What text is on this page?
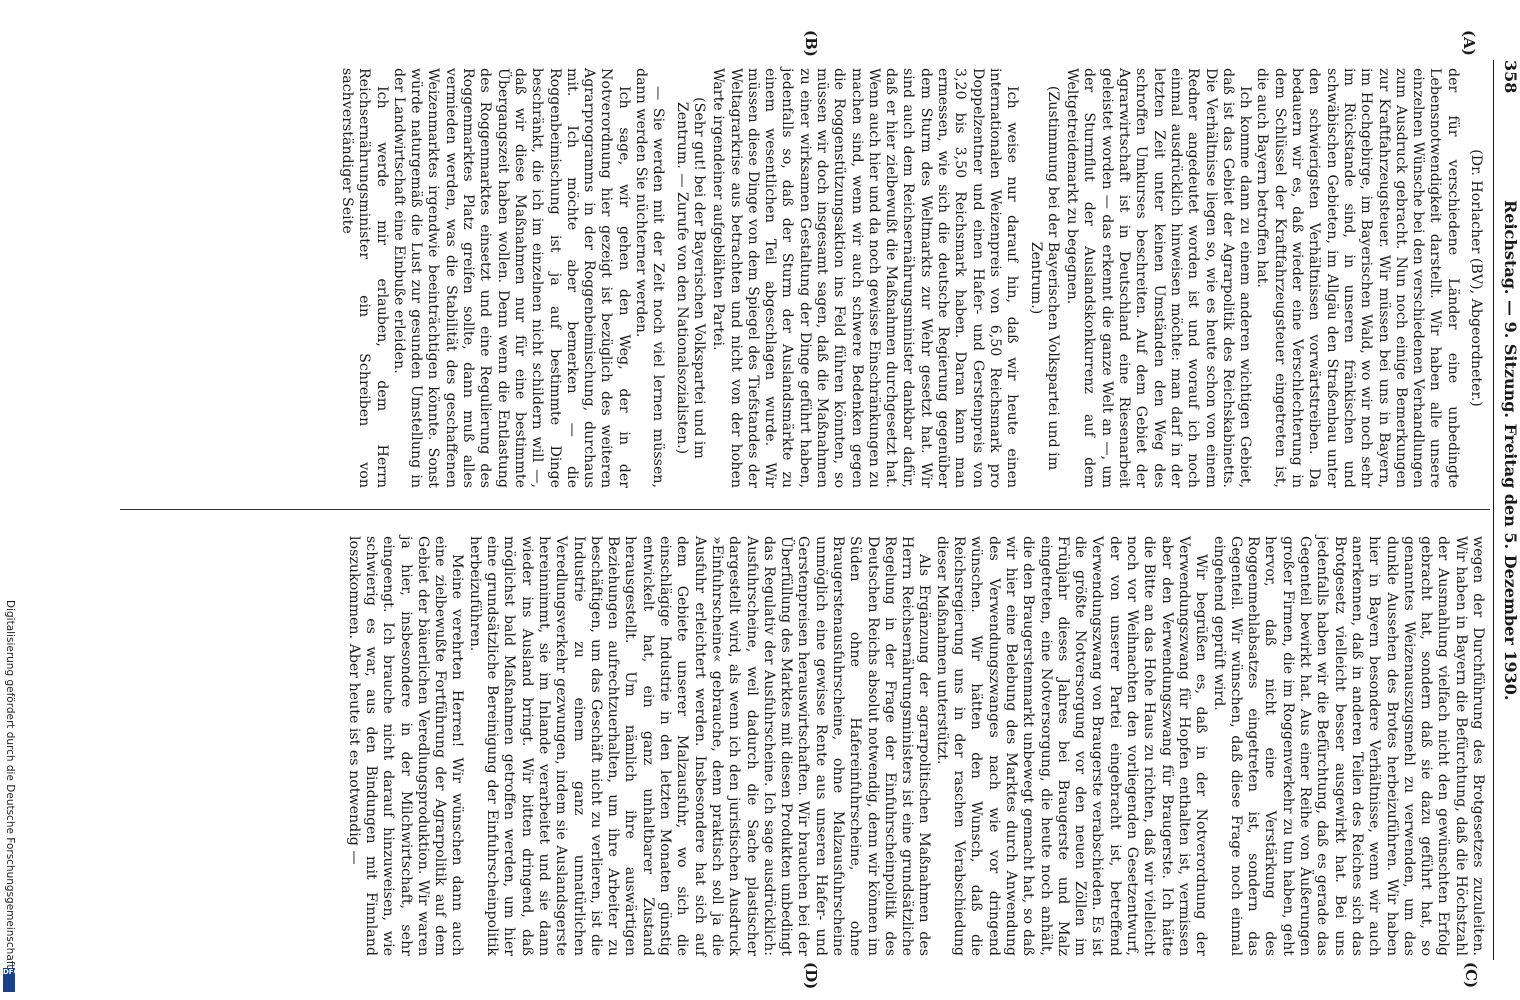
358
Reichstag. — 9. Sitzung. Freitag den 5. Dezember 1930.
(A)
(B)
(C)
(D)

(Dr. Horlacher (BV), Abgeordneter.)

der für verschiedene Länder eine unbedingte Lebensnotwendigkeit darstellt. Wir haben alle unsere einzelnen Wünsche bei den verschiedenen Verhandlungen zum Ausdruck gebracht. Nun noch einige Bemerkungen zur Kraftfahrzeugsteuer. Wir müssen bei uns in Bayern, im Hochgebirge, im Bayerischen Wald, wo wir noch sehr im Rückstande sind, in unseren fränkischen und schwäbischen Gebieten, im Allgäu den Straßenbau unter den schwierigsten Verhältnissen vorwärtstreiben. Da bedauern wir es, daß wieder eine Verschlechterung in dem Schlüssel der Kraftfahrzeugsteuer eingetreten ist, die auch Bayern betroffen hat.

Ich komme dann zu einem anderen wichtigen Gebiet, daß ist das Gebiet der Agrarpolitik des Reichskabinetts. Die Verhältnisse liegen so, wie es heute schon von einem Redner angedeutet worden ist und worauf ich noch einmal ausdrücklich hinweisen möchte: man darf in der letzten Zeit unter keinen Umständen den Weg des schroffen Umkurses beschreiten. Auf dem Gebiet der Agrarwirtschaft ist in Deutschland eine Riesenarbeit geleistet worden — das erkennt die ganze Welt an —, um der Sturmflut der Auslandskonkurrenz auf dem Weltgetreidemarkt zu begegnen.

(Zustimmung bei der Bayerischen Volkspartei und im Zentrum.)

Ich weise nur darauf hin, daß wir heute einen internationalen Weizenpreis von 6,50 Reichsmark pro Doppelzentner und einen Hafer- und Gerstenpreis von 3,20 bis 3,50 Reichsmark haben. Daran kann man ermessen, wie sich die deutsche Regierung gegenüber dem Sturm des Weltmarkts zur Wehr gesetzt hat. Wir sind auch dem Reichsernährungsminister dankbar dafür, daß er hier zielbewußt die Maßnahmen durchgesetzt hat. Wenn auch hier und da noch gewisse Einschränkungen zu machen sind, wenn wir auch schwere Bedenken gegen die Roggenstützungsaktion ins Feld führen könnten, so müssen wir doch insgesamt sagen, daß die Maßnahmen zu einer wirksamen Gestaltung der Dinge geführt haben, jedenfalls so, daß der Sturm der Auslandsmärkte zu einem wesentlichen Teil abgeschlagen wurde. Wir müssen diese Dinge von dem Spiegel des Tiefstandes der Weltagrarkrise aus betrachten und nicht von der hohen Warte irgendeiner aufgeblähten Partei.

(Sehr gut! bei der Bayerischen Volkspartei und im Zentrum. — Zurufe von den Nationalsozialisten.)

— Sie werden mit der Zeit noch viel lernen müssen, dann werden Sie nüchterner werden.

Ich sage, wir gehen den Weg, der in der Notverordnung hier gezeigt ist bezüglich des weiteren Agrarprogramms in der Roggenbeimischung, durchaus mit. Ich möchte aber bemerken — die Roggenbeimischung ist ja auf bestimmte Dinge beschränkt, die ich im einzelnen nicht schildern will —, daß wir diese Maßnahmen nur für eine bestimmte Übergangszeit haben wollen. Denn wenn die Entlastung des Roggenmarktes einsetzt und eine Regulierung des Roggenmarktes Platz greifen sollte, dann muß alles vermieden werden, was die Stabilität des geschaffenen Weizenmarktes irgendwie beeinträchtigen könnte. Sonst würde naturgemäß die Lust zur gesunden Umstellung in der Landwirtschaft eine Einbuße erleiden.

Ich werde mir erlauben, dem Herrn Reichsernährungsminister ein Schreiben von sachverständiger Seite

wegen der Durchführung des Brotgesetzes zuzuleiten. Wir haben in Bayern die Befürchtung, daß die Höchstzahl der Ausmahlung vielfach nicht den gewünschten Erfolg gebracht hat, sondern daß sie dazu geführt hat, so genanntes Weizenauszugsmehl zu verwenden, um das dunkle Aussehen des Brotes herbeizuführen. Wir haben hier in Bayern besondere Verhältnisse, wenn wir auch anerkennen, daß in anderen Teilen des Reiches sich das Brotgesetz vielleicht besser ausgewirkt hat. Bei uns jedenfalls haben wir die Befürchtung, daß es gerade das Gegenteil bewirkt hat. Aus einer Reihe von Äußerungen großer Firmen, die im Roggenverkehr zu tun haben, geht hervor, daß nicht eine Verstärkung des Roggenmehlabsatzes eingetreten ist, sondern das Gegenteil. Wir wünschen, daß diese Frage noch einmal eingehend geprüft wird.

Wir begrüßen es, daß in der Notverordnung der Verwendungszwang für Hopfen enthalten ist, vermissen aber den Verwendungszwang für Braugerste. Ich hätte die Bitte an das Hohe Haus zu richten, daß wir vielleicht noch vor Weihnachten den vorliegenden Gesetzentwurf, der von unserer Partei eingebracht ist, betreffend Verwendungszwang von Braugerste verabschieden. Es ist die größte Notversorgung vor den neuen Zöllen im Frühjahr dieses Jahres bei Braugerste und Malz eingetreten, eine Notversorgung, die heute noch anhält, die den Braugerstenmarkt unbewegt gemacht hat, so daß wir hier eine Belebung des Marktes durch Anwendung des Verwendungszwanges nach wie vor dringend wünschen. Wir hätten den Wunsch, daß die Reichsregierung uns in der raschen Verabschiedung dieser Maßnahmen unterstützt.

Als Ergänzung der agrarpolitischen Maßnahmen des Herrn Reichsernährungsministers ist eine grundsätzliche Regelung in der Frage der Einfuhrscheinpolitik des Deutschen Reichs absolut notwendig, denn wir können im Süden ohne Hafereinfuhrscheine, ohne Braugerstenausfuhrscheine, ohne Malzausfuhrscheine unmöglich eine gewisse Rente aus unseren Hafer- und Gerstenpreisen herauswirtschaften. Wir brauchen bei der Überfüllung des Marktes mit diesen Produkten unbedingt das Regulativ der Ausfuhrscheine. Ich sage ausdrücklich: Ausfuhrscheine, weil dadurch die Sache plastischer dargestellt wird, als wenn ich den juristischen Ausdruck »Einfuhrscheine« gebrauche, denn praktisch soll ja die Ausfuhr erleichtert werden. Insbesondere hat sich auf dem Gebiete unserer Malzausfuhr, wo sich die einschlägige Industrie in den letzten Monaten günstig entwickelt hat, ein ganz unhaltbarer Zustand herausgestellt. Um nämlich ihre auswärtigen Beziehungen aufrechtzuerhalten, um ihre Arbeiter zu beschäftigen, um das Geschäft nicht zu verlieren, ist die Industrie zu einem ganz unnatürlichen Veredlungsverkehr gezwungen, indem sie Auslandsgerste hereinnimmt, sie im Inlande verarbeitet und sie dann wieder ins Ausland bringt. Wir bitten dringend, daß möglichst bald Maßnahmen getroffen werden, um hier eine grundsätzliche Bereinigung der Einfuhrscheinpolitik herbeizuführen.

Meine verehrten Herren! Wir wünschen dann auch eine zielbewußte Fortführung der Agrarpolitik auf dem Gebiet der bäuerlichen Veredlungsproduktion. Wir waren ja hier, insbesondere in der Milchwirtschaft, sehr eingeengt. Ich brauche nicht darauf hinzuweisen, wie schwierig es war, aus den Bindungen mit Finnland loszukommen. Aber heute ist es notwendig —

Digitalisierung gefördert durch die Deutsche Forschungsgemeinschaft
DFG
